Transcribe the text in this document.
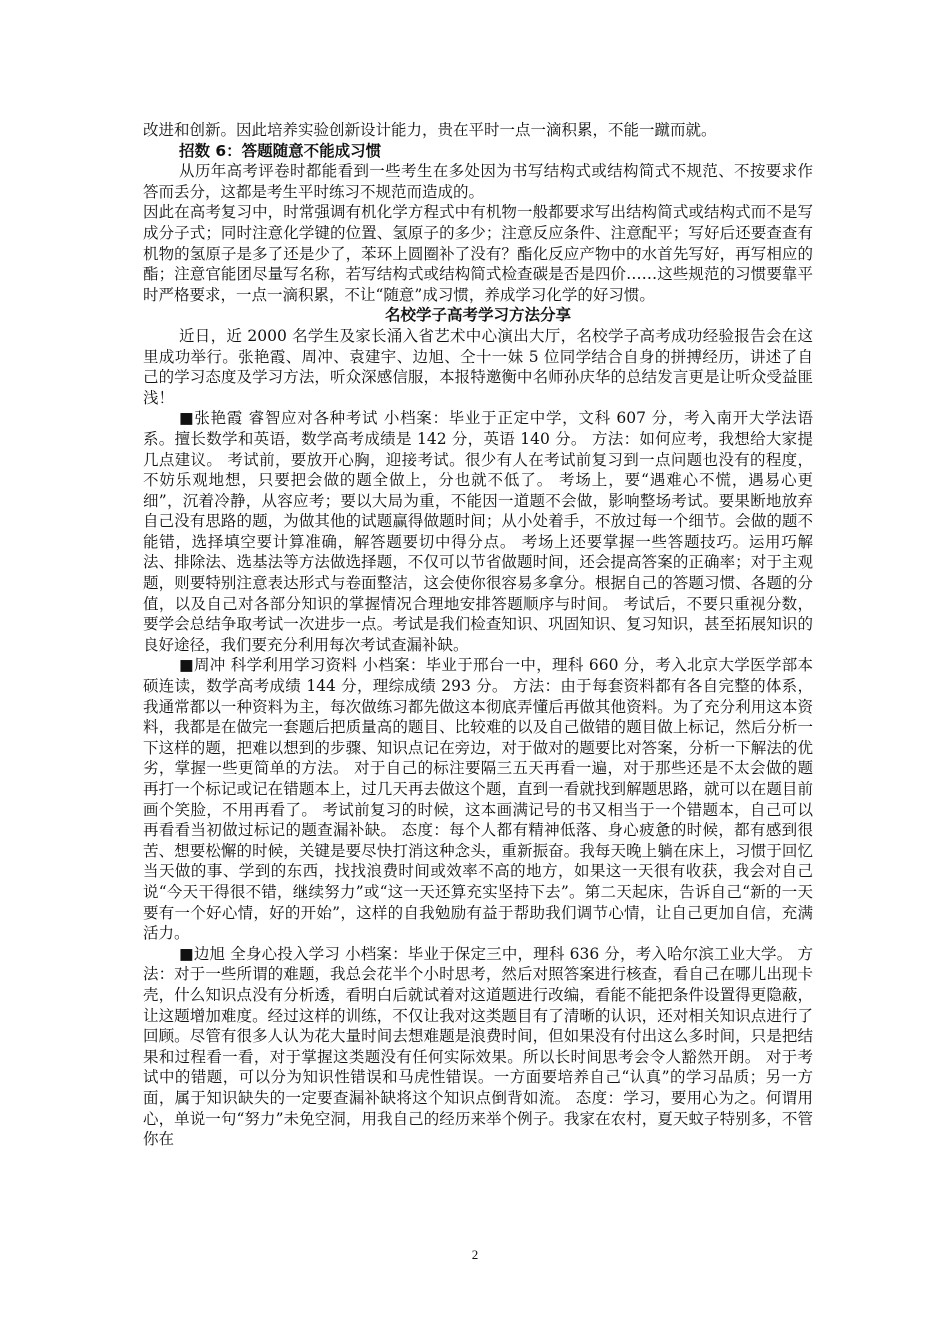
改进和创新。因此培养实验创新设计能力，贵在平时一点一滴积累，不能一蹴而就。

招数 6：答题随意不能成习惯

从历年高考评卷时都能看到一些考生在多处因为书写结构式或结构简式不规范、不按要求作答而丢分，这都是考生平时练习不规范而造成的。

因此在高考复习中，时常强调有机化学方程式中有机物一般都要求写出结构简式或结构式而不是写成分子式；同时注意化学键的位置、氢原子的多少；注意反应条件、注意配平；写好后还要查查有机物的氢原子是多了还是少了，苯环上圆圈补了没有？酯化反应产物中的水首先写好，再写相应的酯；注意官能团尽量写名称，若写结构式或结构简式检查碳是否是四价……这些规范的习惯要靠平时严格要求，一点一滴积累，不让“随意”成习惯，养成学习化学的好习惯。

名校学子高考学习方法分享

近日，近 2000 名学生及家长涌入省艺术中心演出大厅，名校学子高考成功经验报告会在这里成功举行。张艳霞、周冲、袁建宇、边旭、仝十一妹 5 位同学结合自身的拼搏经历，讲述了自己的学习态度及学习方法，听众深感信服，本报特邀衡中名师孙庆华的总结发言更是让听众受益匪浅！

■张艳霞 睿智应对各种考试 小档案：毕业于正定中学，文科 607 分，考入南开大学法语系。擅长数学和英语，数学高考成绩是 142 分，英语 140 分。 方法：如何应考，我想给大家提几点建议。 考试前，要放开心胸，迎接考试。很少有人在考试前复习到一点问题也没有的程度，不妨乐观地想，只要把会做的题全做上，分也就不低了。 考场上，要“遇难心不慌，遇易心更细”，沉着冷静，从容应考；要以大局为重，不能因一道题不会做，影响整场考试。要果断地放弃自己没有思路的题，为做其他的试题赢得做题时间；从小处着手，不放过每一个细节。会做的题不能错，选择填空要计算准确，解答题要切中得分点。 考场上还要掌握一些答题技巧。运用巧解法、排除法、选基法等方法做选择题，不仅可以节省做题时间，还会提高答案的正确率；对于主观题，则要特别注意表达形式与卷面整洁，这会使你很容易多拿分。根据自己的答题习惯、各题的分值，以及自己对各部分知识的掌握情况合理地安排答题顺序与时间。 考试后，不要只重视分数，要学会总结争取考试一次进步一点。考试是我们检查知识、巩固知识、复习知识，甚至拓展知识的良好途径，我们要充分利用每次考试查漏补缺。

■周冲 科学利用学习资料 小档案：毕业于邢台一中，理科 660 分，考入北京大学医学部本硕连读，数学高考成绩 144 分，理综成绩 293 分。 方法：由于每套资料都有各自完整的体系，我通常都以一种资料为主，每次做练习都先做这本彻底弄懂后再做其他资料。为了充分利用这本资料，我都是在做完一套题后把质量高的题目、比较难的以及自己做错的题目做上标记，然后分析一下这样的题，把难以想到的步骤、知识点记在旁边，对于做对的题要比对答案，分析一下解法的优劣，掌握一些更简单的方法。 对于自己的标注要隔三五天再看一遍，对于那些还是不太会做的题再打一个标记或记在错题本上，过几天再去做这个题，直到一看就找到解题思路，就可以在题目前画个笑脸，不用再看了。 考试前复习的时候，这本画满记号的书又相当于一个错题本，自己可以再看看当初做过标记的题查漏补缺。 态度：每个人都有精神低落、身心疲惫的时候，都有感到很苦、想要松懈的时候，关键是要尽快打消这种念头，重新振奋。我每天晚上躺在床上，习惯于回忆当天做的事、学到的东西，找找浪费时间或效率不高的地方，如果这一天很有收获，我会对自己说“今天干得很不错，继续努力”或“这一天还算充实坚持下去”。第二天起床，告诉自己“新的一天要有一个好心情，好的开始”，这样的自我勉励有益于帮助我们调节心情，让自己更加自信，充满活力。

■边旭 全身心投入学习 小档案：毕业于保定三中，理科 636 分，考入哈尔滨工业大学。 方法：对于一些所谓的难题，我总会花半个小时思考，然后对照答案进行核查，看自己在哪儿出现卡壳，什么知识点没有分析透，看明白后就试着对这道题进行改编，看能不能把条件设置得更隐蔽，让这题增加难度。经过这样的训练，不仅让我对这类题目有了清晰的认识，还对相关知识点进行了回顾。尽管有很多人认为花大量时间去想难题是浪费时间，但如果没有付出这么多时间，只是把结果和过程看一看，对于掌握这类题没有任何实际效果。所以长时间思考会令人豁然开朗。 对于考试中的错题，可以分为知识性错误和马虎性错误。一方面要培养自己“认真”的学习品质；另一方面，属于知识缺失的一定要查漏补缺将这个知识点倒背如流。 态度：学习，要用心为之。何谓用心，单说一句“努力”未免空洞，用我自己的经历来举个例子。我家在农村，夏天蚊子特别多，不管你在

2
